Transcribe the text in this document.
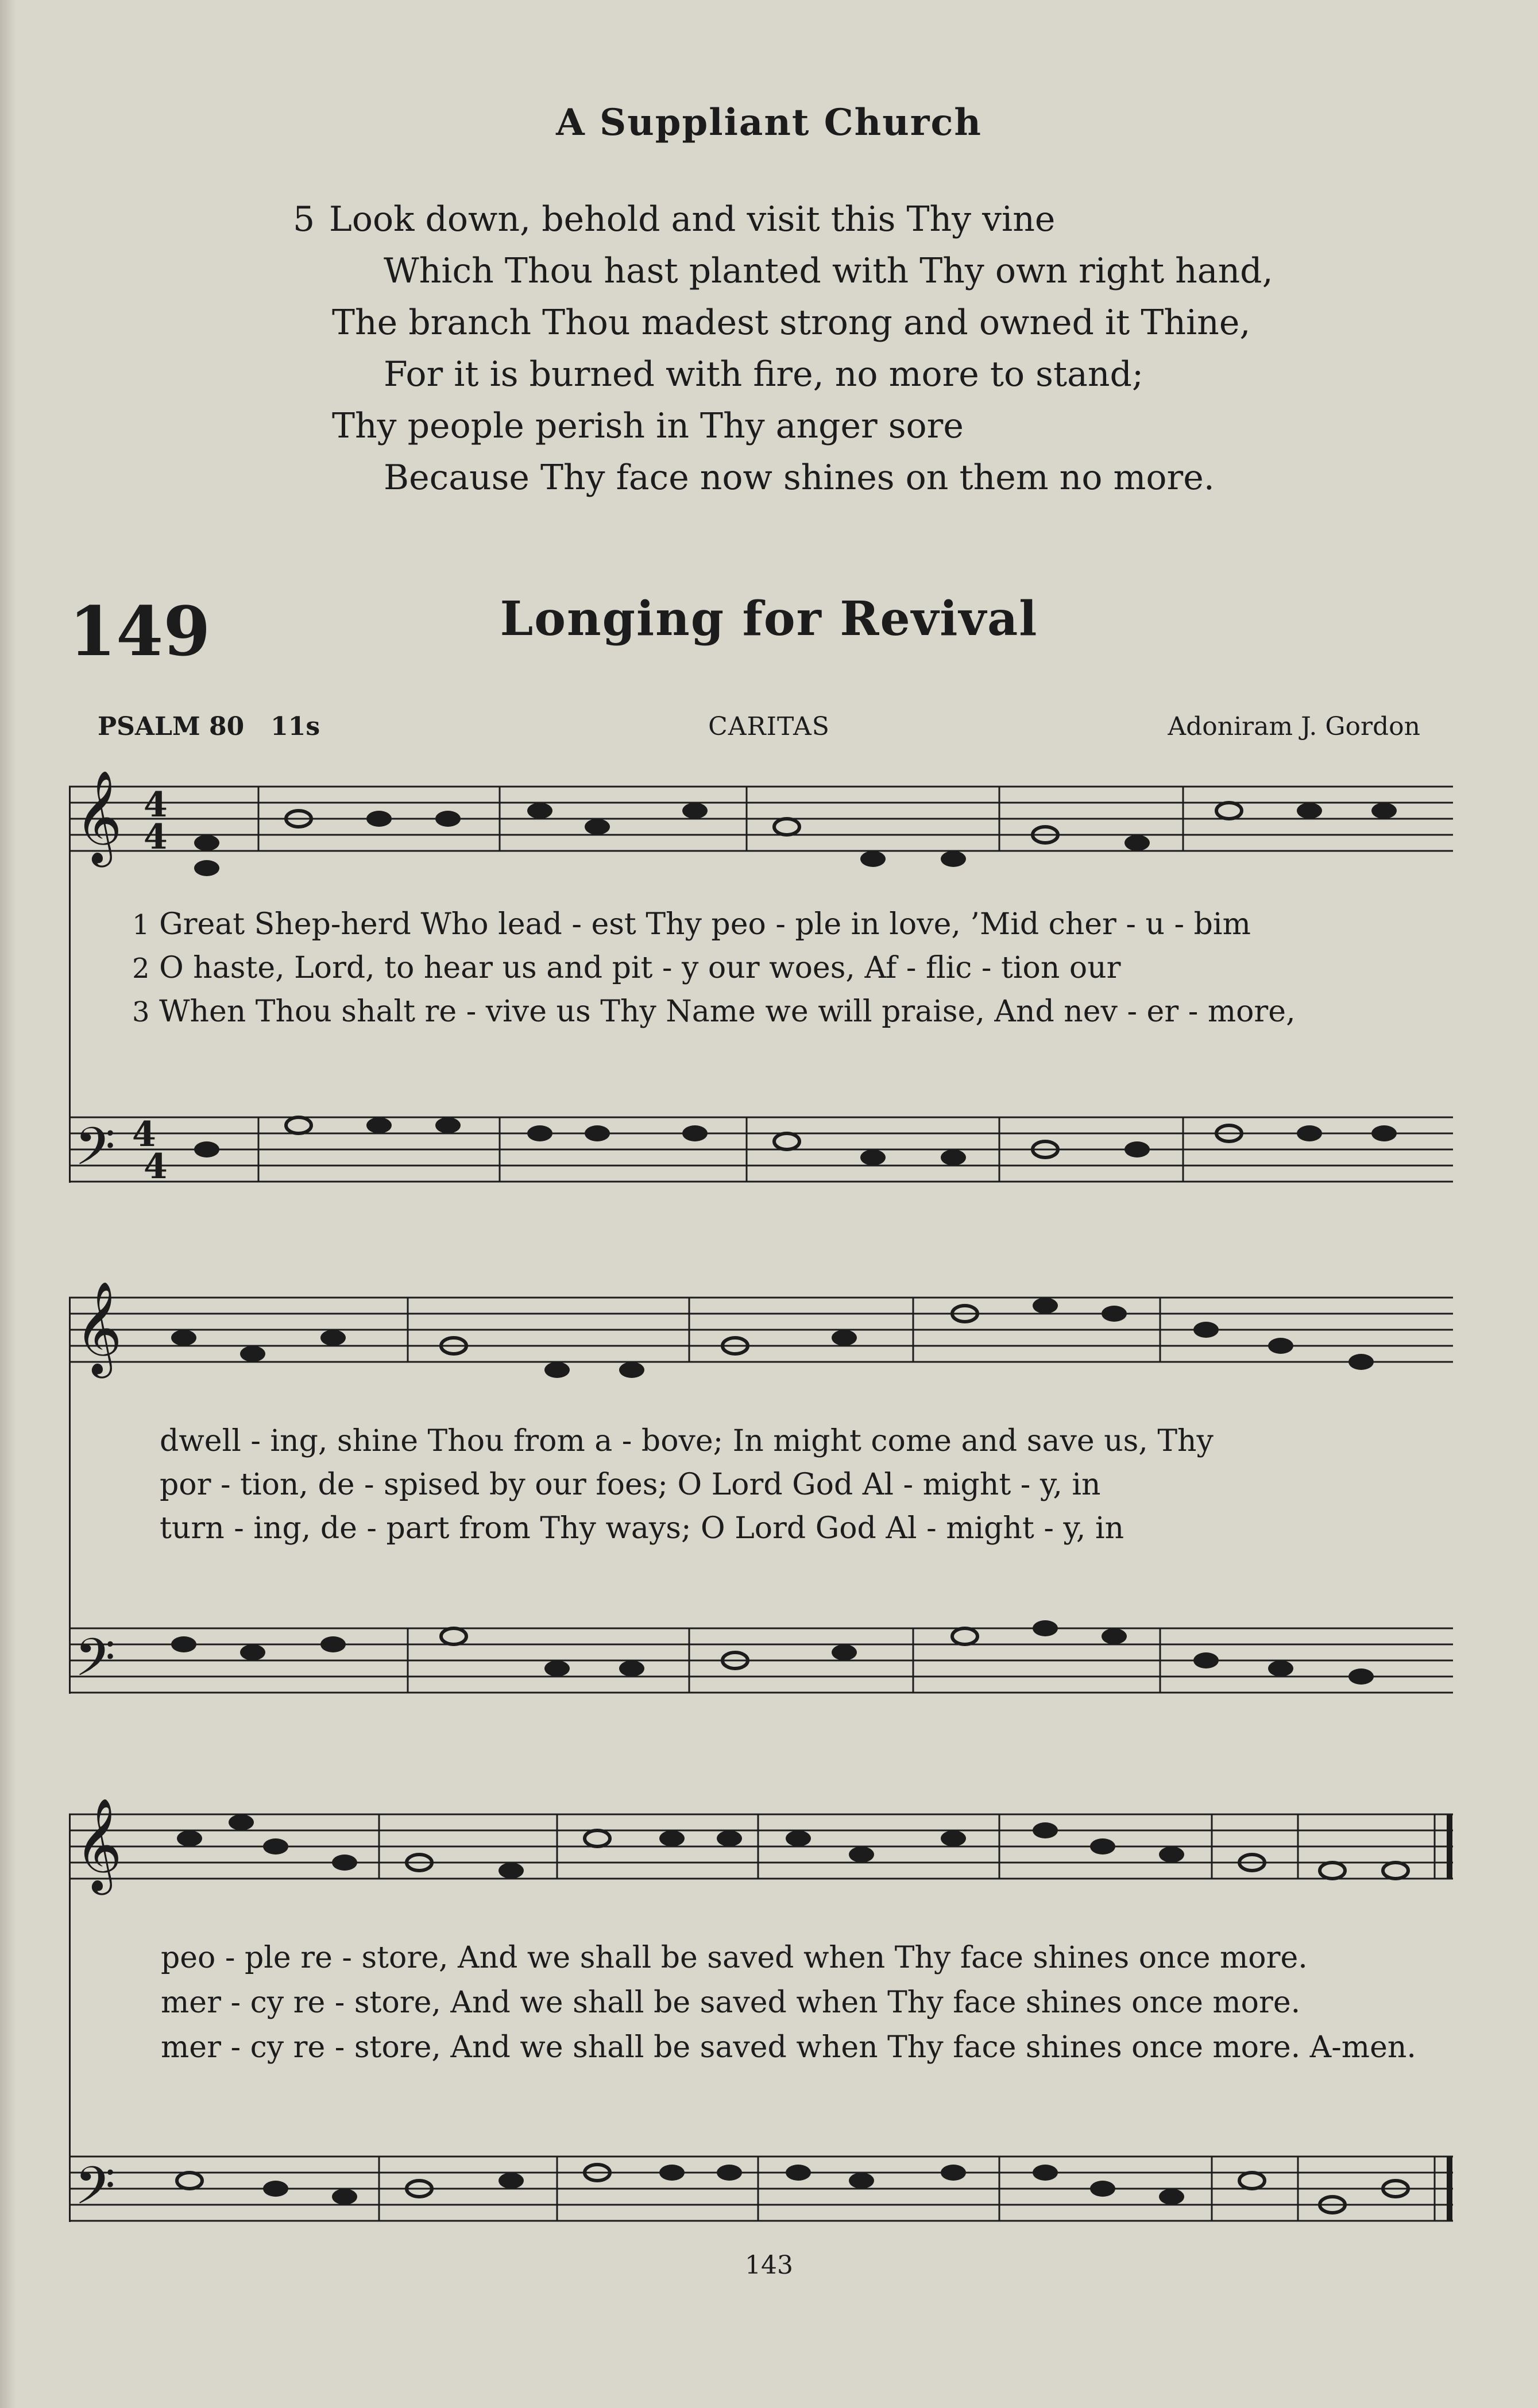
A Suppliant Church
5 Look down, behold and visit this Thy vine
Which Thou hast planted with Thy own right hand,
The branch Thou madest strong and owned it Thine,
For it is burned with fire, no more to stand;
Thy people perish in Thy anger sore
Because Thy face now shines on them no more.
149	Longing for Revival
PSALM 80 11s	CARITAS	Adoniram J. Gordon
𝄞 4
4
𝄢 4
4
1 Great Shep-herd Who lead - est Thy peo - ple in love, ’Mid cher - u - bim
2 O haste, Lord, to hear us and pit - y our woes, Af - flic - tion our
3 When Thou shalt re - vive us Thy Name we will praise, And nev - er - more,
𝄞
𝄢
dwell - ing, shine Thou from a - bove; In might come and save us, Thy
por - tion, de - spised by our foes; O Lord God Al - might - y, in
turn - ing, de - part from Thy ways; O Lord God Al - might - y, in
𝄞
𝄢
peo - ple re - store, And we shall be saved when Thy face shines once more.
mer - cy re - store, And we shall be saved when Thy face shines once more.
mer - cy re - store, And we shall be saved when Thy face shines once more. A-men.
143
